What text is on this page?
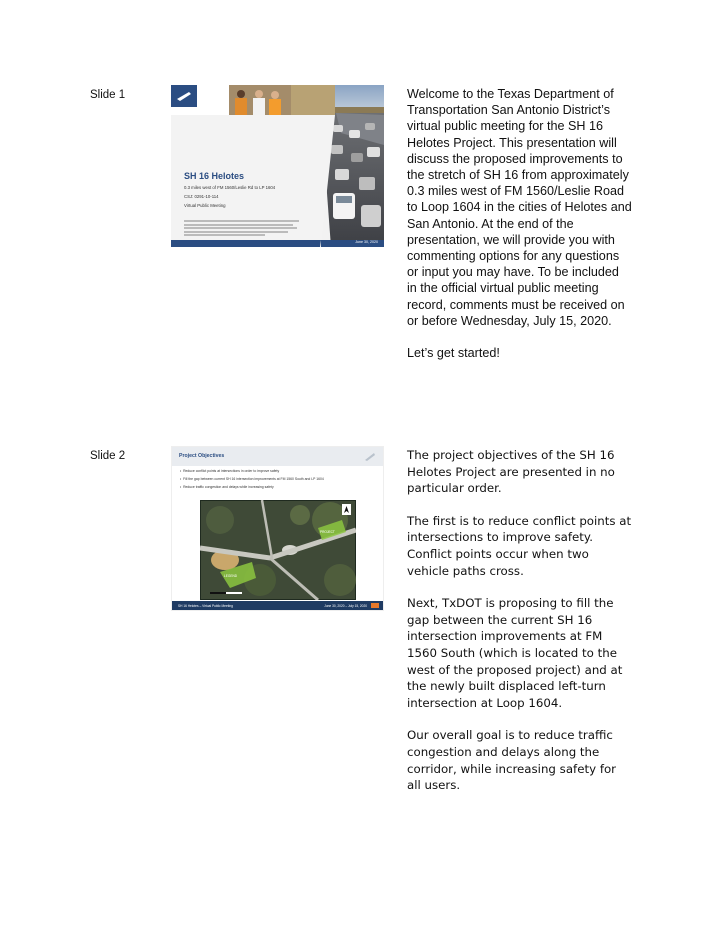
Slide 1
SH 16 Helotes
0.3 miles west of FM 1560/Leslie Rd to LP 1604
CSJ: 0291-10-114
Virtual Public Meeting
June 30, 2020

Welcome to the Texas Department of Transportation San Antonio District’s virtual public meeting for the SH 16 Helotes Project. This presentation will discuss the proposed improvements to the stretch of SH 16 from approximately 0.3 miles west of FM 1560/Leslie Road to Loop 1604 in the cities of Helotes and San Antonio. At the end of the presentation, we will provide you with commenting options for any questions or input you may have. To be included in the official virtual public meeting record, comments must be received on or before Wednesday, July 15, 2020.

Let’s get started!

Slide 2	Project Objectives
•  Reduce conflict points at intersections in order to improve safety
•  Fill the gap between current SH 16 intersection improvements at FM 1560 South and LP 1604
•  Reduce traffic congestion and delays while increasing safety
LEGEND
PROJECT
SH 16 Helotes – Virtual Public Meeting	June 30, 2020 – July 15, 2020

The project objectives of the SH 16 Helotes Project are presented in no particular order.

The first is to reduce conflict points at intersections to improve safety. Conflict points occur when two vehicle paths cross.

Next, TxDOT is proposing to fill the gap between the current SH 16 intersection improvements at FM 1560 South (which is located to the west of the proposed project) and at the newly built displaced left-turn intersection at Loop 1604.

Our overall goal is to reduce traffic congestion and delays along the corridor, while increasing safety for all users.
